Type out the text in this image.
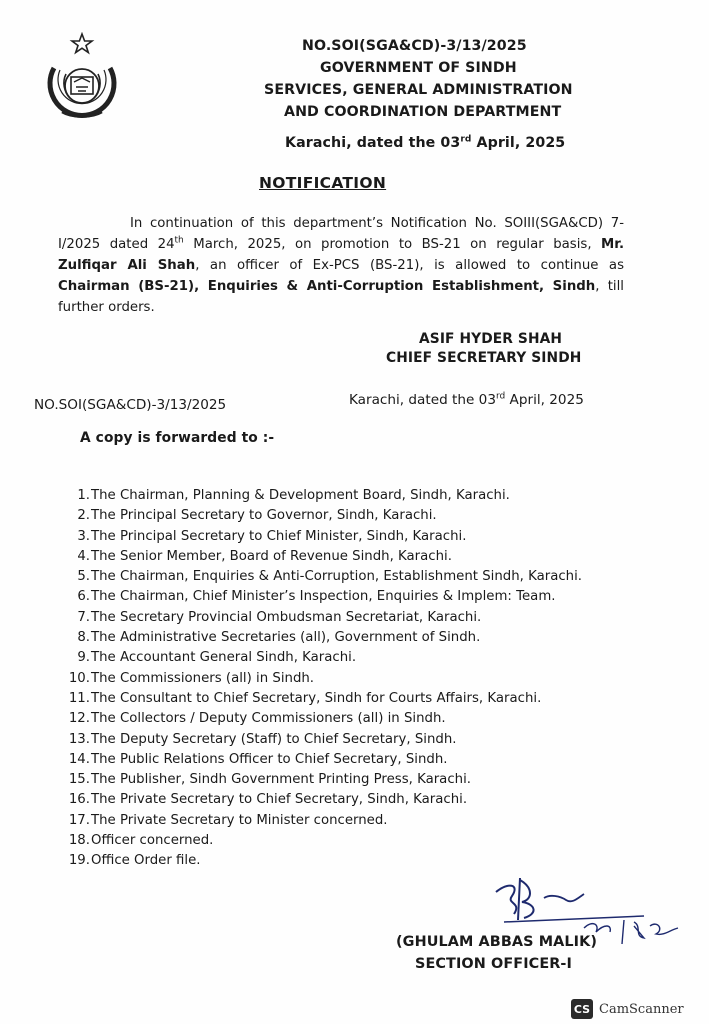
NO.SOI(SGA&CD)-3/13/2025
GOVERNMENT OF SINDH
SERVICES, GENERAL ADMINISTRATION
AND COORDINATION DEPARTMENT
Karachi, dated the 03rd April, 2025
NOTIFICATION

In continuation of this department’s Notification No. SOIII(SGA&CD) 7-I/2025 dated 24th March, 2025, on promotion to BS-21 on regular basis, Mr. Zulfiqar Ali Shah, an officer of Ex-PCS (BS-21), is allowed to continue as Chairman (BS-21), Enquiries & Anti-Corruption Establishment, Sindh, till further orders.

ASIF HYDER SHAH
CHIEF SECRETARY SINDH
NO.SOI(SGA&CD)-3/13/2025	Karachi, dated the 03rd April, 2025
A copy is forwarded to :-
1.The Chairman, Planning & Development Board, Sindh, Karachi.
2.The Principal Secretary to Governor, Sindh, Karachi.
3.The Principal Secretary to Chief Minister, Sindh, Karachi.
4.The Senior Member, Board of Revenue Sindh, Karachi.
5.The Chairman, Enquiries & Anti-Corruption, Establishment Sindh, Karachi.
6.The Chairman, Chief Minister’s Inspection, Enquiries & Implem: Team.
7.The Secretary Provincial Ombudsman Secretariat, Karachi.
8.The Administrative Secretaries (all), Government of Sindh.
9.The Accountant General Sindh, Karachi.
10.The Commissioners (all) in Sindh.
11.The Consultant to Chief Secretary, Sindh for Courts Affairs, Karachi.
12.The Collectors / Deputy Commissioners (all) in Sindh.
13.The Deputy Secretary (Staff) to Chief Secretary, Sindh.
14.The Public Relations Officer to Chief Secretary, Sindh.
15.The Publisher, Sindh Government Printing Press, Karachi.
16.The Private Secretary to Chief Secretary, Sindh, Karachi.
17.The Private Secretary to Minister concerned.
18.Officer concerned.
19.Office Order file.
(GHULAM ABBAS MALIK)
SECTION OFFICER-I
CS CamScanner
